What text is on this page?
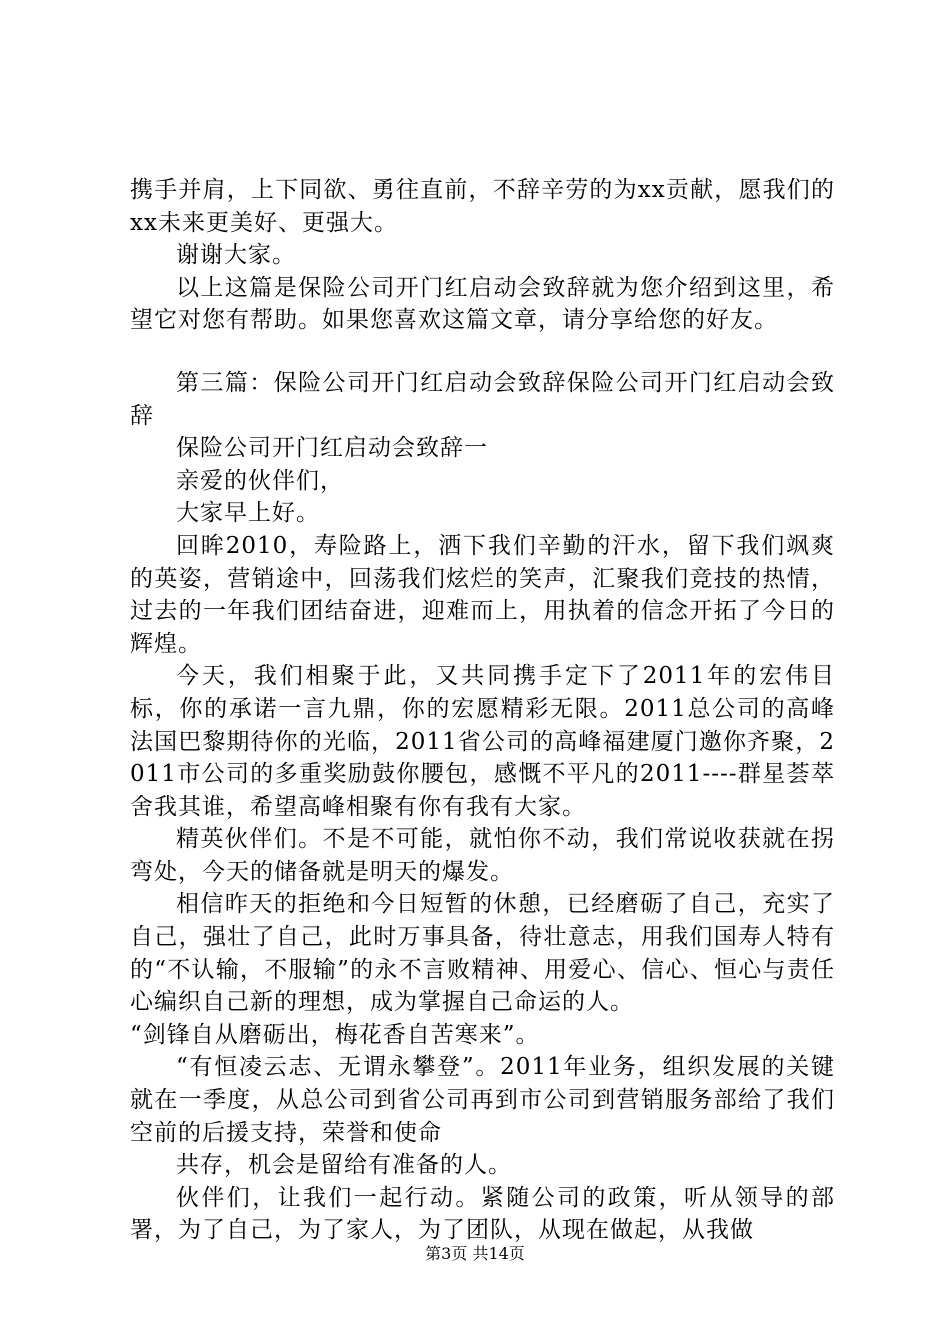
携手并肩，上下同欲、勇往直前，不辞辛劳的为xx贡献，愿我们的xx未来更美好、更强大。

谢谢大家。

以上这篇是保险公司开门红启动会致辞就为您介绍到这里，希望它对您有帮助。如果您喜欢这篇文章，请分享给您的好友。

第三篇：保险公司开门红启动会致辞保险公司开门红启动会致辞

保险公司开门红启动会致辞一

亲爱的伙伴们，

大家早上好。

回眸2010，寿险路上，洒下我们辛勤的汗水，留下我们飒爽的英姿，营销途中，回荡我们炫烂的笑声，汇聚我们竞技的热情，过去的一年我们团结奋进，迎难而上，用执着的信念开拓了今日的辉煌。

今天，我们相聚于此，又共同携手定下了2011年的宏伟目标，你的承诺一言九鼎，你的宏愿精彩无限。2011总公司的高峰法国巴黎期待你的光临，2011省公司的高峰福建厦门邀你齐聚，2011市公司的多重奖励鼓你腰包，感慨不平凡的2011----群星荟萃舍我其谁，希望高峰相聚有你有我有大家。

精英伙伴们。不是不可能，就怕你不动，我们常说收获就在拐弯处，今天的储备就是明天的爆发。

相信昨天的拒绝和今日短暂的休憩，已经磨砺了自己，充实了自己，强壮了自己，此时万事具备，待壮意志，用我们国寿人特有的“不认输，不服输”的永不言败精神、用爱心、信心、恒心与责任心编织自己新的理想，成为掌握自己命运的人。

“剑锋自从磨砺出，梅花香自苦寒来”。

“有恒凌云志、无谓永攀登”。2011年业务，组织发展的关键就在一季度，从总公司到省公司再到市公司到营销服务部给了我们空前的后援支持，荣誉和使命

共存，机会是留给有准备的人。

伙伴们，让我们一起行动。紧随公司的政策，听从领导的部署，为了自己，为了家人，为了团队，从现在做起，从我做

第3页 共14页
